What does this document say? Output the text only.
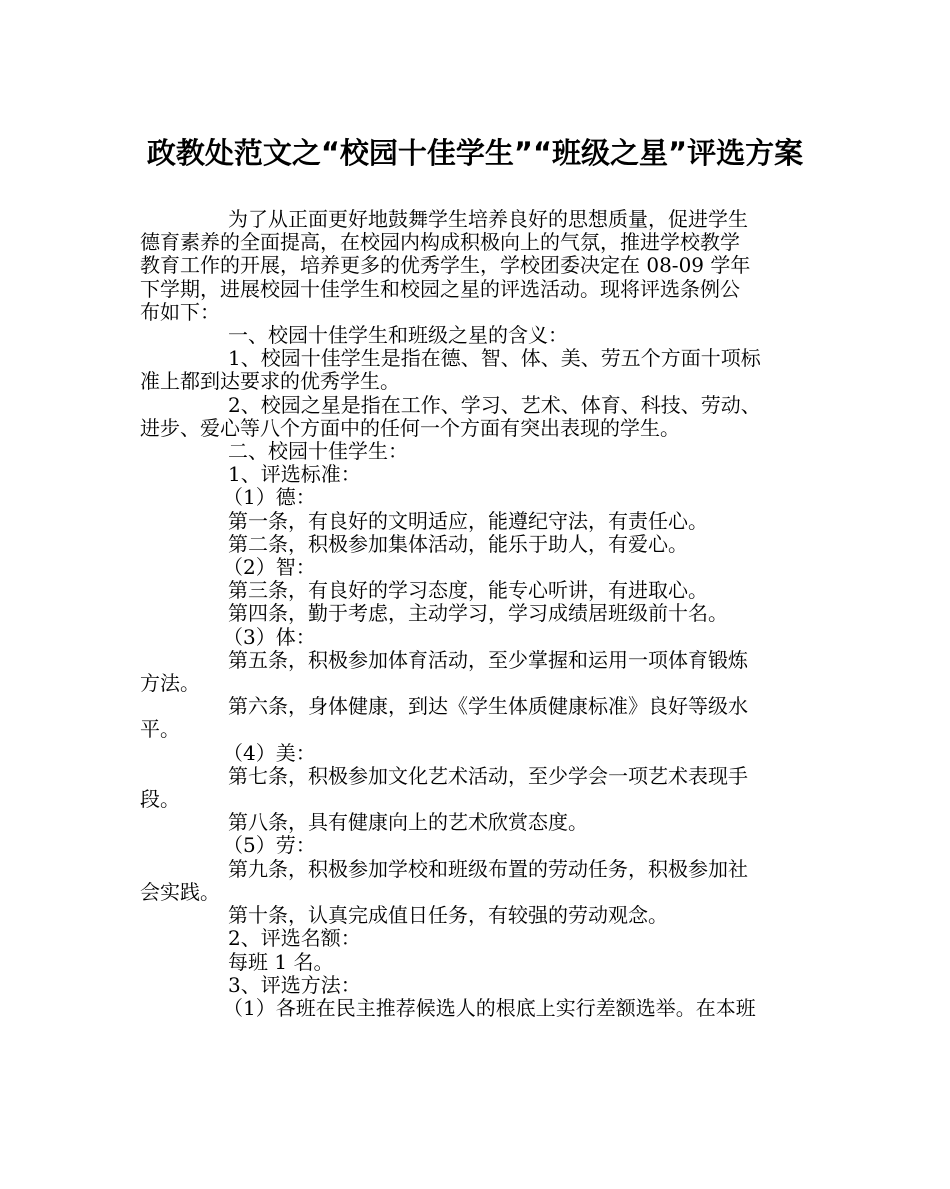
政教处范文之“校园十佳学生”“班级之星”评选方案
为了从正面更好地鼓舞学生培养良好的思想质量，促进学生
德育素养的全面提高，在校园内构成积极向上的气氛，推进学校教学
教育工作的开展，培养更多的优秀学生，学校团委决定在 08-09 学年
下学期，进展校园十佳学生和校园之星的评选活动。现将评选条例公
布如下：
一、校园十佳学生和班级之星的含义：
1、校园十佳学生是指在德、智、体、美、劳五个方面十项标
准上都到达要求的优秀学生。
2、校园之星是指在工作、学习、艺术、体育、科技、劳动、
进步、爱心等八个方面中的任何一个方面有突出表现的学生。
二、校园十佳学生：
1、评选标准：
（1）德：
第一条，有良好的文明适应，能遵纪守法，有责任心。
第二条，积极参加集体活动，能乐于助人，有爱心。
（2）智：
第三条，有良好的学习态度，能专心听讲，有进取心。
第四条，勤于考虑，主动学习，学习成绩居班级前十名。
（3）体：
第五条，积极参加体育活动，至少掌握和运用一项体育锻炼
方法。
第六条，身体健康，到达《学生体质健康标准》良好等级水
平。
（4）美：
第七条，积极参加文化艺术活动，至少学会一项艺术表现手
段。
第八条，具有健康向上的艺术欣赏态度。
（5）劳：
第九条，积极参加学校和班级布置的劳动任务，积极参加社
会实践。
第十条，认真完成值日任务，有较强的劳动观念。
2、评选名额：
每班 1 名。
3、评选方法：
（1）各班在民主推荐候选人的根底上实行差额选举。在本班
